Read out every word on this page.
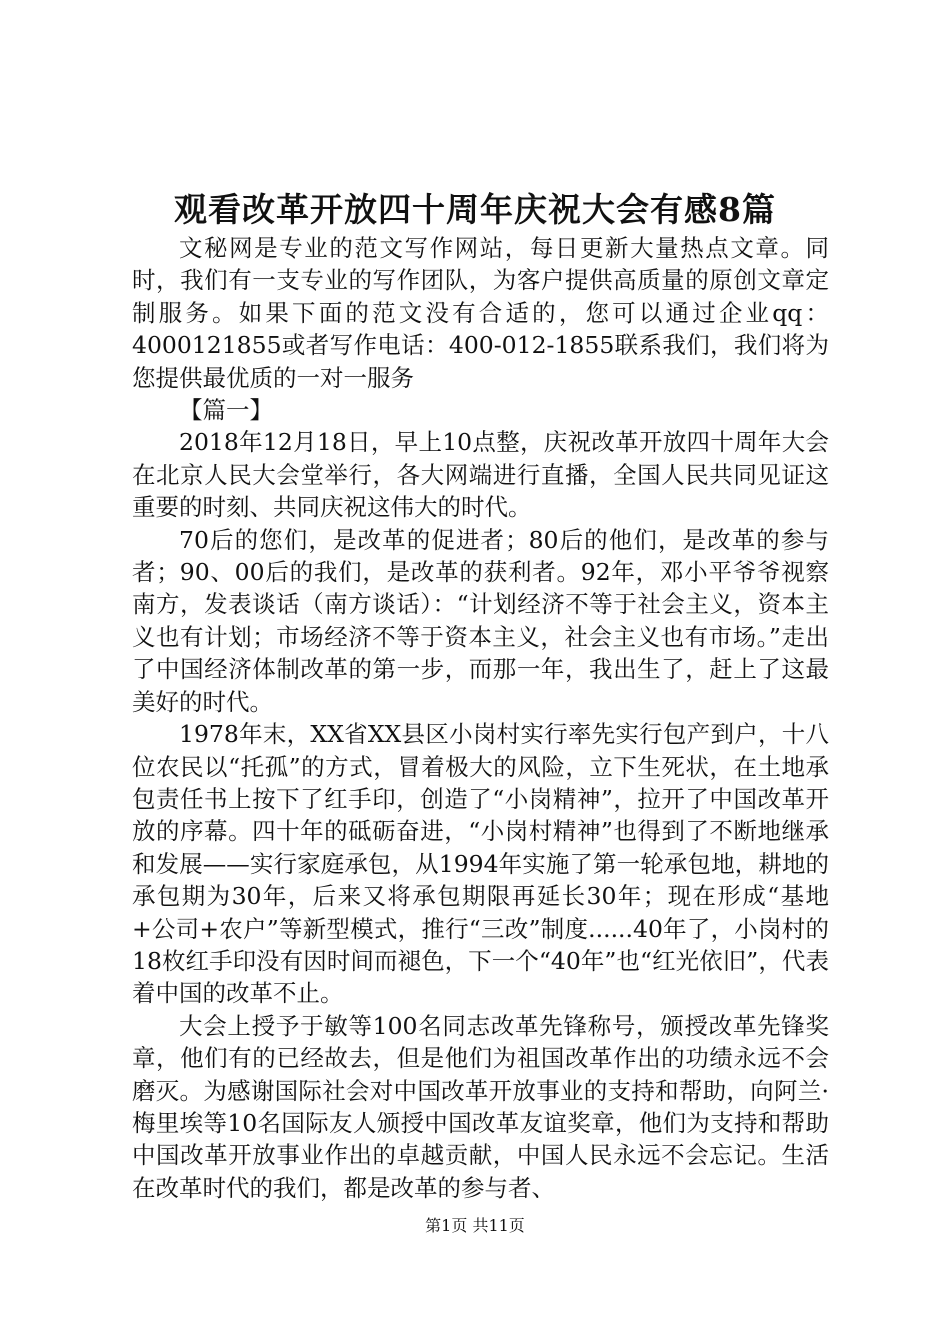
观看改革开放四十周年庆祝大会有感8篇

文秘网是专业的范文写作网站，每日更新大量热点文章。同时，我们有一支专业的写作团队，为客户提供高质量的原创文章定制服务。如果下面的范文没有合适的，您可以通过企业qq：4000121855或者写作电话：400-012-1855联系我们，我们将为您提供最优质的一对一服务

【篇一】

2018年12月18日，早上10点整，庆祝改革开放四十周年大会在北京人民大会堂举行，各大网端进行直播，全国人民共同见证这重要的时刻、共同庆祝这伟大的时代。

70后的您们，是改革的促进者；80后的他们，是改革的参与者；90、00后的我们，是改革的获利者。92年，邓小平爷爷视察南方，发表谈话（南方谈话）：“计划经济不等于社会主义，资本主义也有计划；市场经济不等于资本主义，社会主义也有市场。”走出了中国经济体制改革的第一步，而那一年，我出生了，赶上了这最美好的时代。

1978年末，XX省XX县区小岗村实行率先实行包产到户，十八位农民以“托孤”的方式，冒着极大的风险，立下生死状，在土地承包责任书上按下了红手印，创造了“小岗精神”，拉开了中国改革开放的序幕。四十年的砥砺奋进，“小岗村精神”也得到了不断地继承和发展——实行家庭承包，从1994年实施了第一轮承包地，耕地的承包期为30年，后来又将承包期限再延长30年；现在形成“基地+公司+农户”等新型模式，推行“三改”制度......40年了，小岗村的18枚红手印没有因时间而褪色，下一个“40年”也“红光依旧”，代表着中国的改革不止。

大会上授予于敏等100名同志改革先锋称号，颁授改革先锋奖章，他们有的已经故去，但是他们为祖国改革作出的功绩永远不会磨灭。为感谢国际社会对中国改革开放事业的支持和帮助，向阿兰·梅里埃等10名国际友人颁授中国改革友谊奖章，他们为支持和帮助中国改革开放事业作出的卓越贡献，中国人民永远不会忘记。生活在改革时代的我们，都是改革的参与者、

第1页 共11页
